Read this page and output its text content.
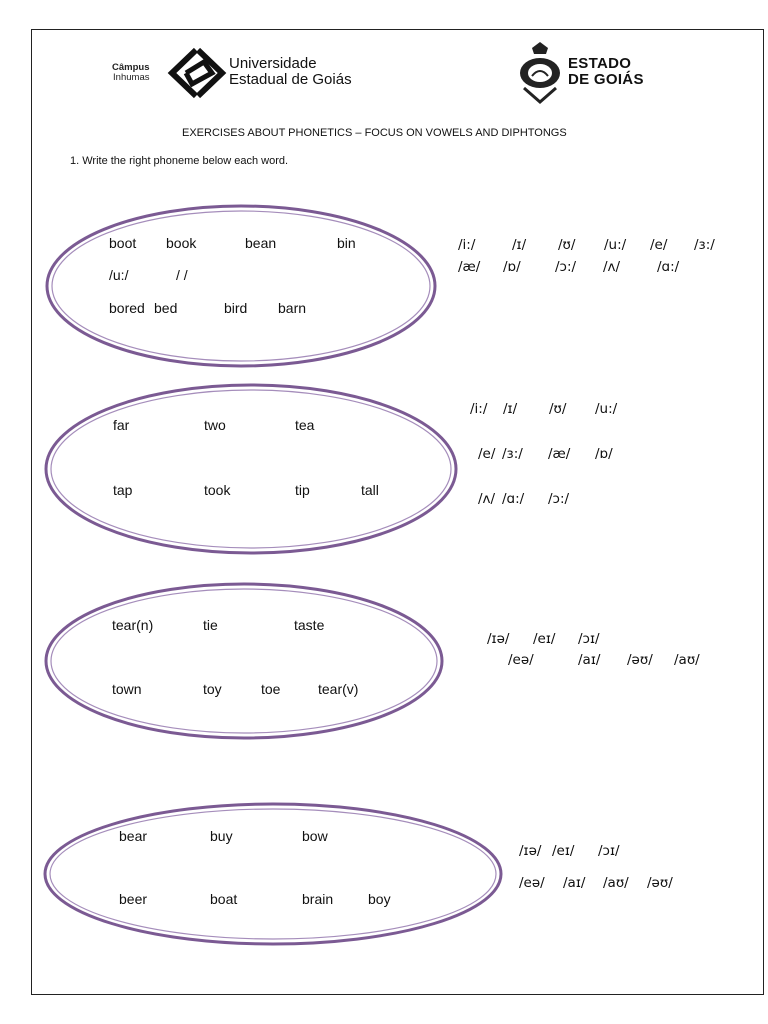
Câmpus
Inhumas
Universidade
Estadual de Goiás
ESTADO
DE GOIÁS
EXERCISES ABOUT PHONETICS – FOCUS ON VOWELS AND DIPHTONGS
1. Write the right phoneme below each word.
boot book	bean	bin
/u:/	/ /
bored bed	bird barn
/i:/	/ɪ/ /ʊ/ /u:/ /e/ /ɜ:/
/æ/ /ɒ/	/ɔ:/ /ʌ/	/ɑ:/
far	two	tea
tap	took	tip	tall
/i:/ /ɪ/ /ʊ/ /u:/
/e/ /ɜ:/ /æ/ /ɒ/
/ʌ/ /ɑ:/ /ɔ:/
tear(n)	tie	taste
town	toy	toe	tear(v)
/ɪə/ /eɪ/ /ɔɪ/
/eə/	/aɪ/ /əʊ/ /aʊ/
bear	buy	bow
beer	boat	brain boy
/ɪə/ /eɪ/ /ɔɪ/
/eə/ /aɪ/ /aʊ/ /əʊ/
